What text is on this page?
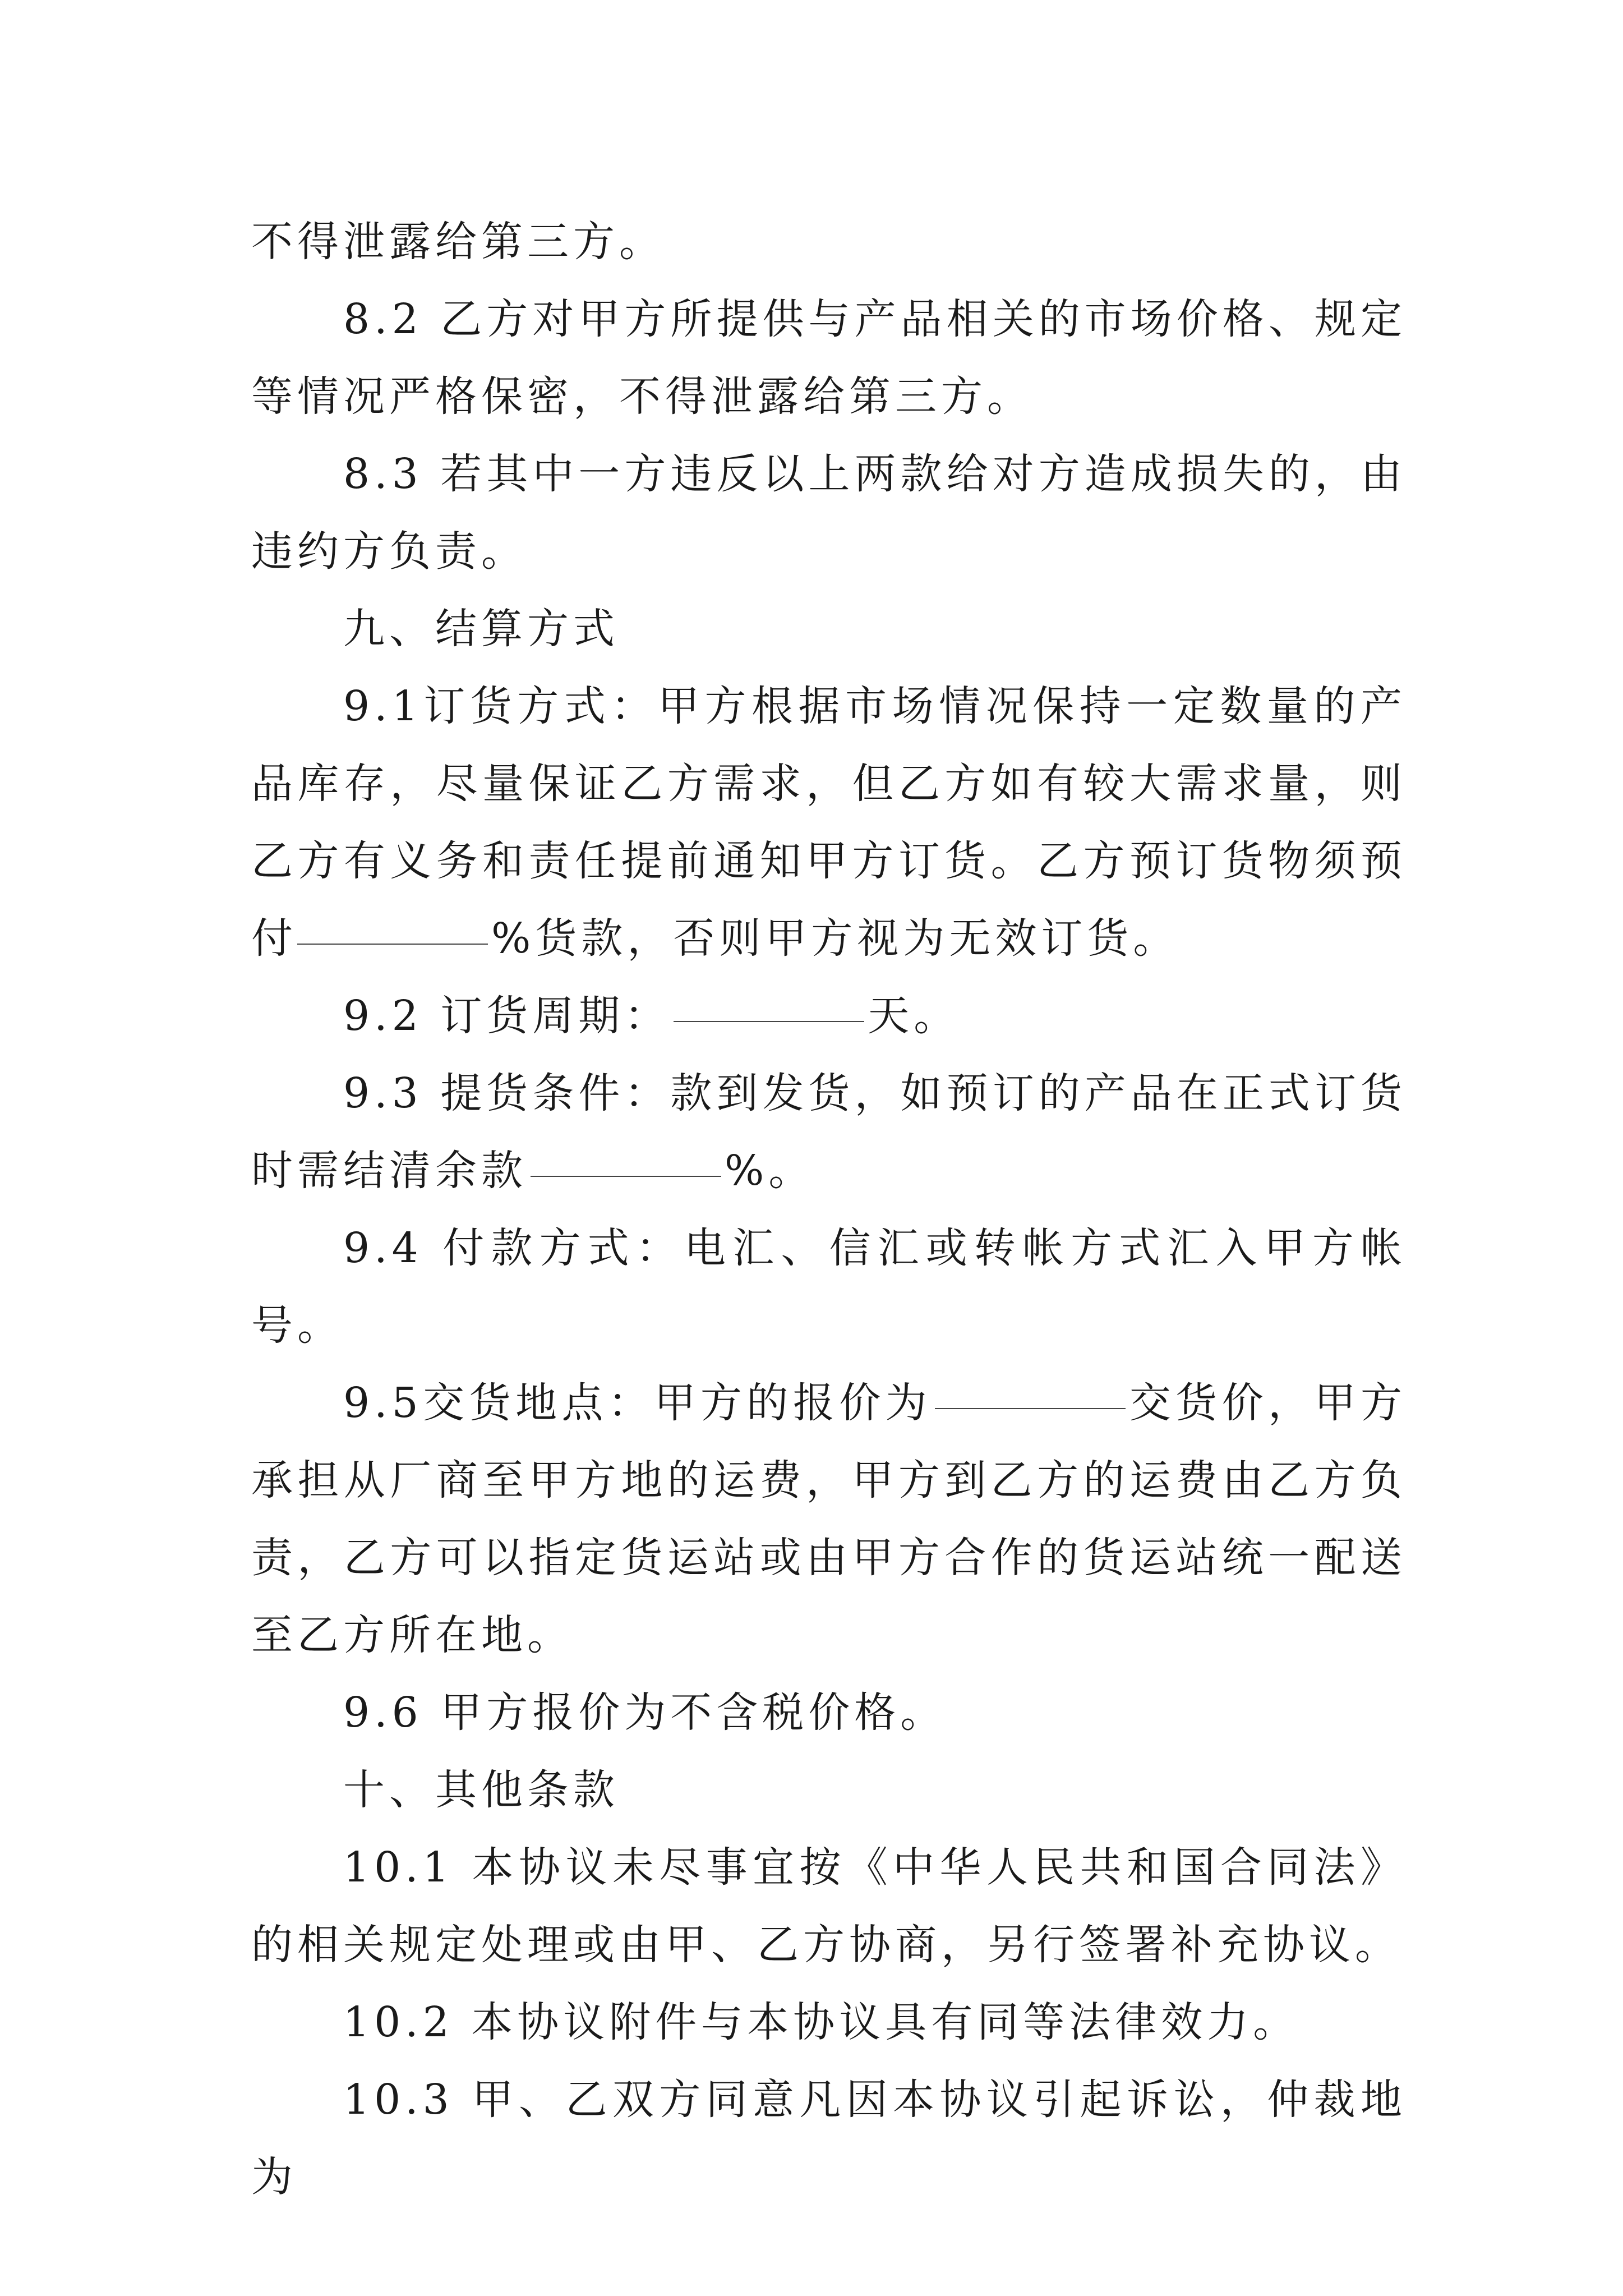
不得泄露给第三方。

8.2 乙方对甲方所提供与产品相关的市场价格、规定等情况严格保密，不得泄露给第三方。

8.3 若其中一方违反以上两款给对方造成损失的，由违约方负责。

九、结算方式

9.1订货方式：甲方根据市场情况保持一定数量的产品库存，尽量保证乙方需求，但乙方如有较大需求量，则乙方有义务和责任提前通知甲方订货。乙方预订货物须预付	%货款，否则甲方视为无效订货。

9.2 订货周期：	天。

9.3 提货条件：款到发货，如预订的产品在正式订货时需结清余款	%。

9.4 付款方式：电汇、信汇或转帐方式汇入甲方帐号。

9.5交货地点：甲方的报价为	交货价，甲方承担从厂商至甲方地的运费，甲方到乙方的运费由乙方负责，乙方可以指定货运站或由甲方合作的货运站统一配送至乙方所在地。

9.6 甲方报价为不含税价格。

十、其他条款

10.1 本协议未尽事宜按《中华人民共和国合同法》的相关规定处理或由甲、乙方协商，另行签署补充协议。

10.2 本协议附件与本协议具有同等法律效力。

10.3 甲、乙双方同意凡因本协议引起诉讼，仲裁地为
